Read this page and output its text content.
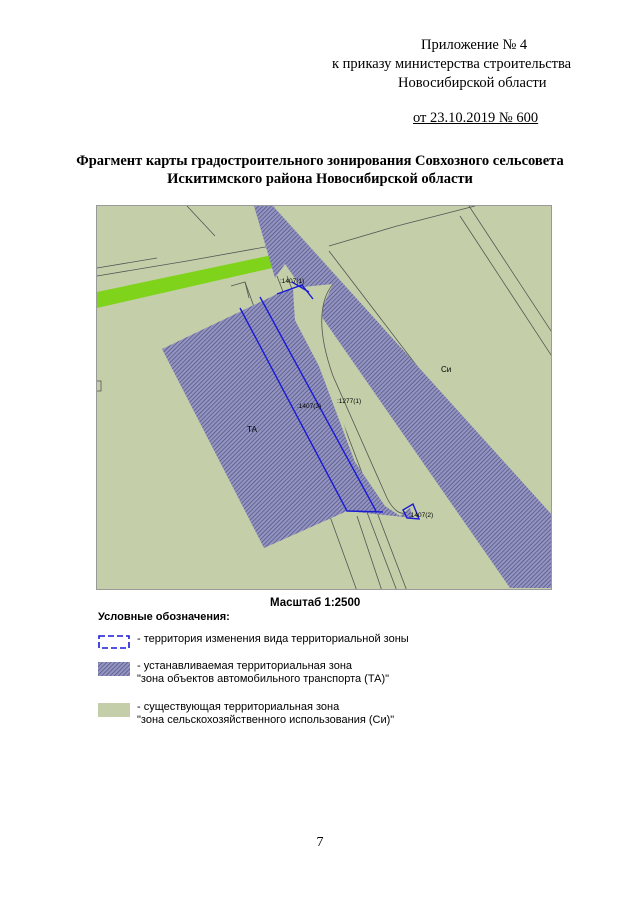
Приложение № 4
к приказу министерства строительства
Новосибирской области
от 23.10.2019 № 600
Фрагмент карты градостроительного зонирования Совхозного сельсовета
Искитимского района Новосибирской области
:1407(1)
:1407(3)
:1277(1)
:1407(2)
ТА
Си
Масштаб 1:2500
Условные обозначения:
- территория изменения вида территориальной зоны
- устанавливаемая территориальная зона
"зона объектов автомобильного транспорта (ТА)"
- существующая территориальная зона
"зона сельскохозяйственного использования (Си)"
7
